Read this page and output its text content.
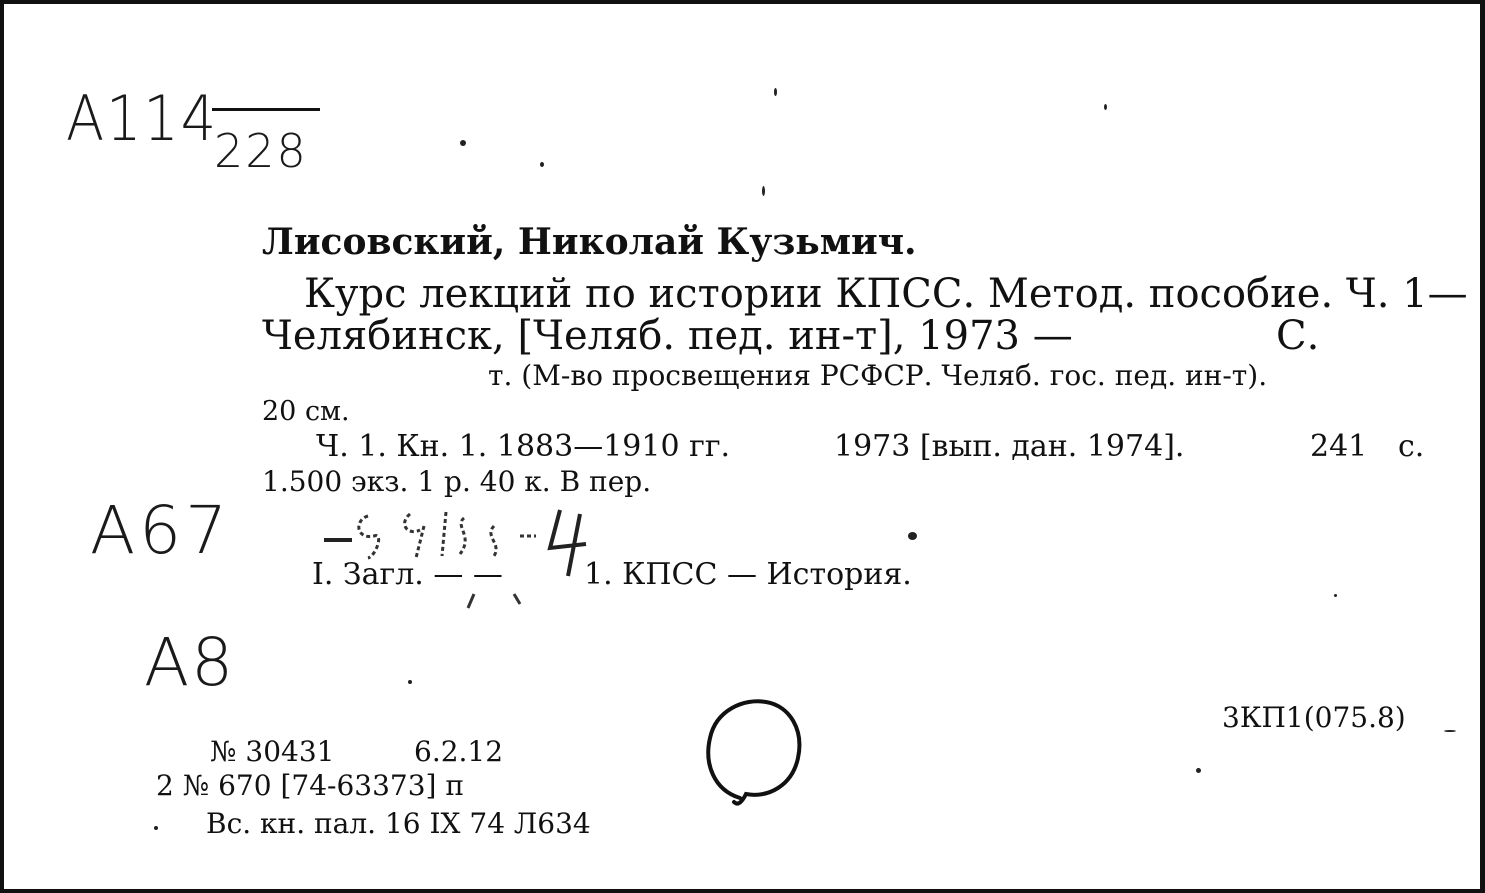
А114
228
Лисовский, Николай Кузьмич.
Курс лекций по истории КПСС. Метод. пособие. Ч. 1—
Челябинск, [Челяб. пед. ин-т], 1973 —	С.
т. (М-во просвещения РСФСР. Челяб. гос. пед. ин-т).
20 см.
Ч. 1. Кн. 1. 1883—1910 гг.	1973 [вып. дан. 1974].	241 с.
1.500 экз. 1 р. 40 к. В пер.
А67
I. Загл. — —	1. КПСС — История.
А8
3КП1(075.8)
№ 30431	6.2.12
2 № 670 [74-63373] п
Вс. кн. пал. 16 IX 74 Л634
